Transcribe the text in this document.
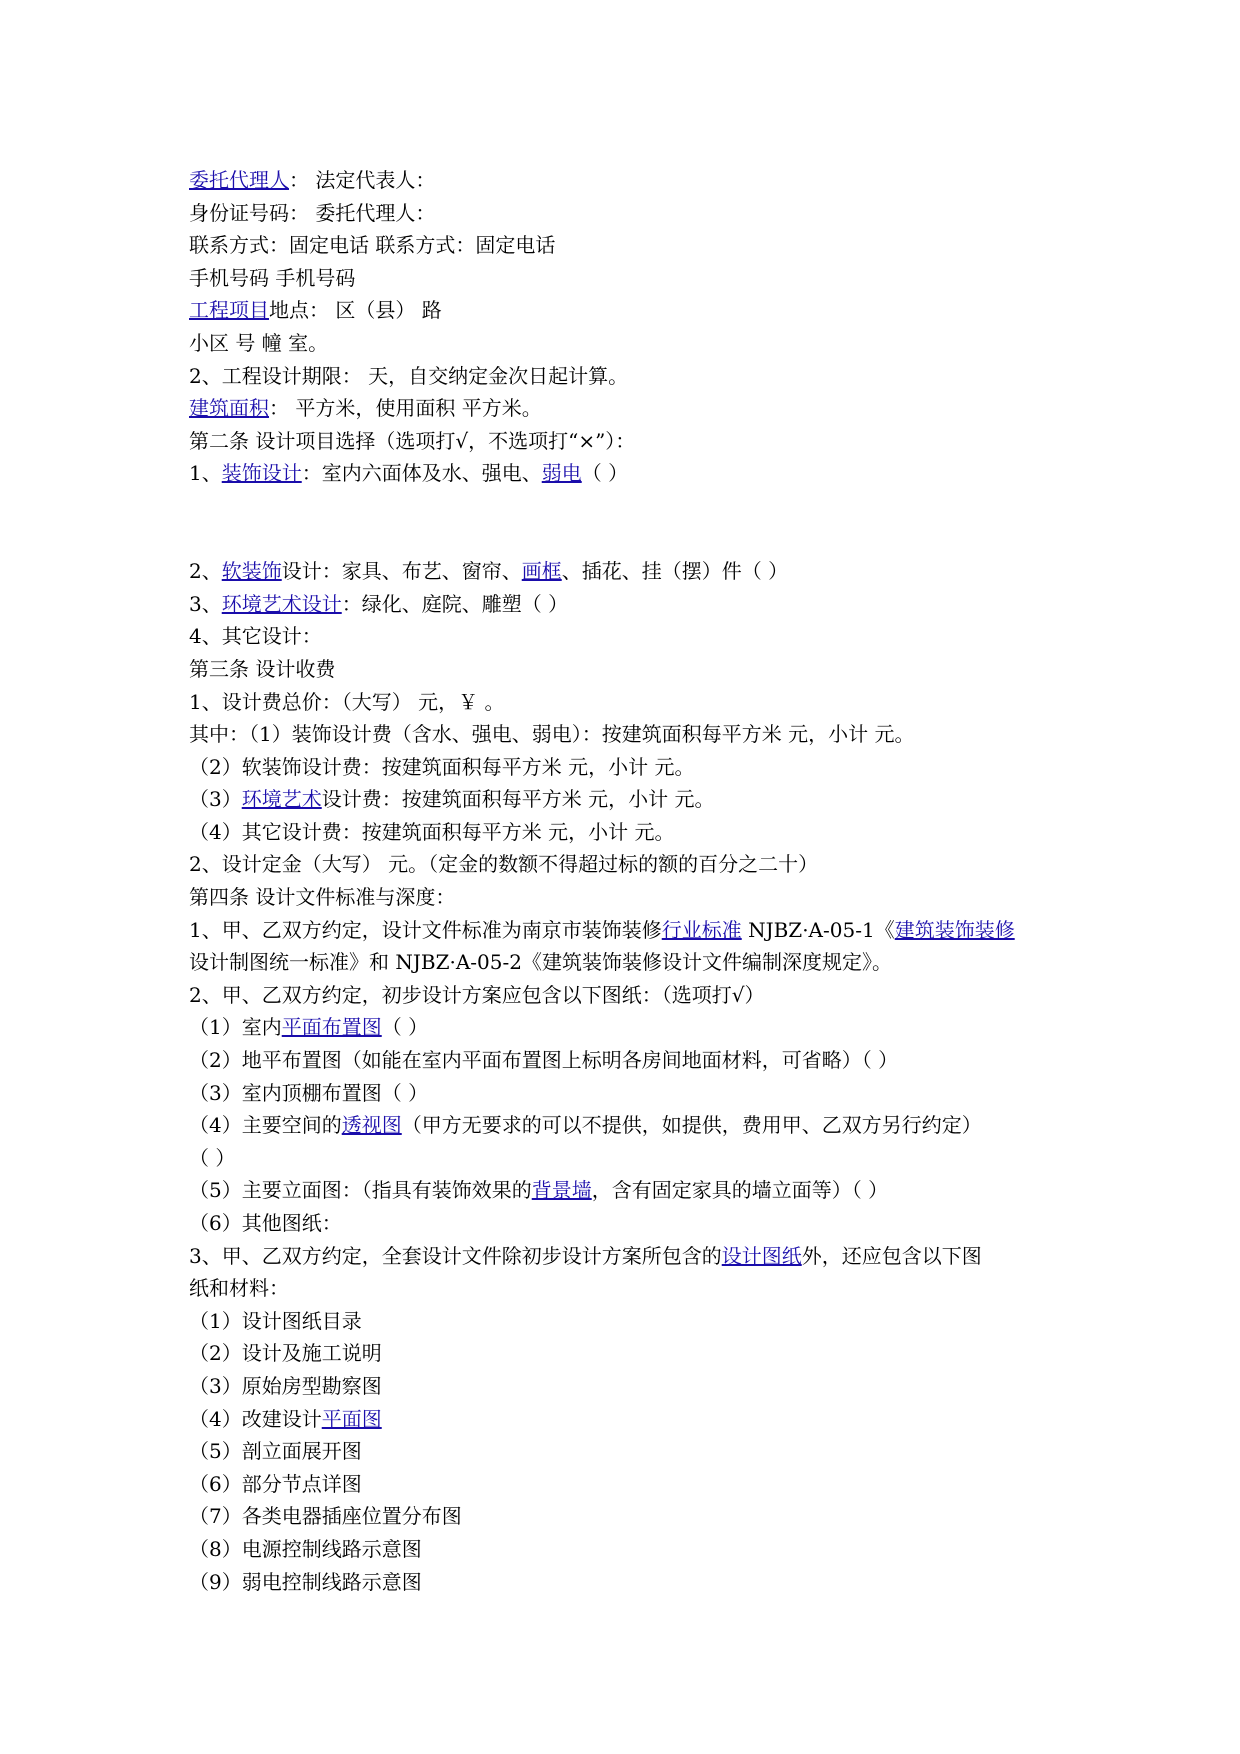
委托代理人： 法定代表人：
身份证号码： 委托代理人：
联系方式：固定电话 联系方式：固定电话
手机号码 手机号码
工程项目地点： 区（县） 路
小区 号 幢 室。
2、工程设计期限： 天，自交纳定金次日起计算。
建筑面积： 平方米，使用面积 平方米。
第二条 设计项目选择（选项打√，不选项打“×”）：
1、装饰设计：室内六面体及水、强电、弱电（ ）
2、软装饰设计：家具、布艺、窗帘、画框、插花、挂（摆）件（ ）
3、环境艺术设计：绿化、庭院、雕塑（ ）
4、其它设计：
第三条 设计收费
1、设计费总价：（大写） 元，￥ 。
其中：（1）装饰设计费（含水、强电、弱电）：按建筑面积每平方米 元，小计 元。
（2）软装饰设计费：按建筑面积每平方米 元，小计 元。
（3）环境艺术设计费：按建筑面积每平方米 元，小计 元。
（4）其它设计费：按建筑面积每平方米 元，小计 元。
2、设计定金（大写） 元。（定金的数额不得超过标的额的百分之二十）
第四条 设计文件标准与深度：
1、甲、乙双方约定，设计文件标准为南京市装饰装修行业标准 NJBZ·A-05-1《建筑装饰装修
设计制图统一标准》和 NJBZ·A-05-2《建筑装饰装修设计文件编制深度规定》。
2、甲、乙双方约定，初步设计方案应包含以下图纸：（选项打√）
（1）室内平面布置图（ ）
（2）地平布置图（如能在室内平面布置图上标明各房间地面材料，可省略）（ ）
（3）室内顶棚布置图（ ）
（4）主要空间的透视图（甲方无要求的可以不提供，如提供，费用甲、乙双方另行约定）
（ ）
（5）主要立面图：（指具有装饰效果的背景墙，含有固定家具的墙立面等）（ ）
（6）其他图纸：
3、甲、乙双方约定，全套设计文件除初步设计方案所包含的设计图纸外，还应包含以下图
纸和材料：
（1）设计图纸目录
（2）设计及施工说明
（3）原始房型勘察图
（4）改建设计平面图
（5）剖立面展开图
（6）部分节点详图
（7）各类电器插座位置分布图
（8）电源控制线路示意图
（9）弱电控制线路示意图
